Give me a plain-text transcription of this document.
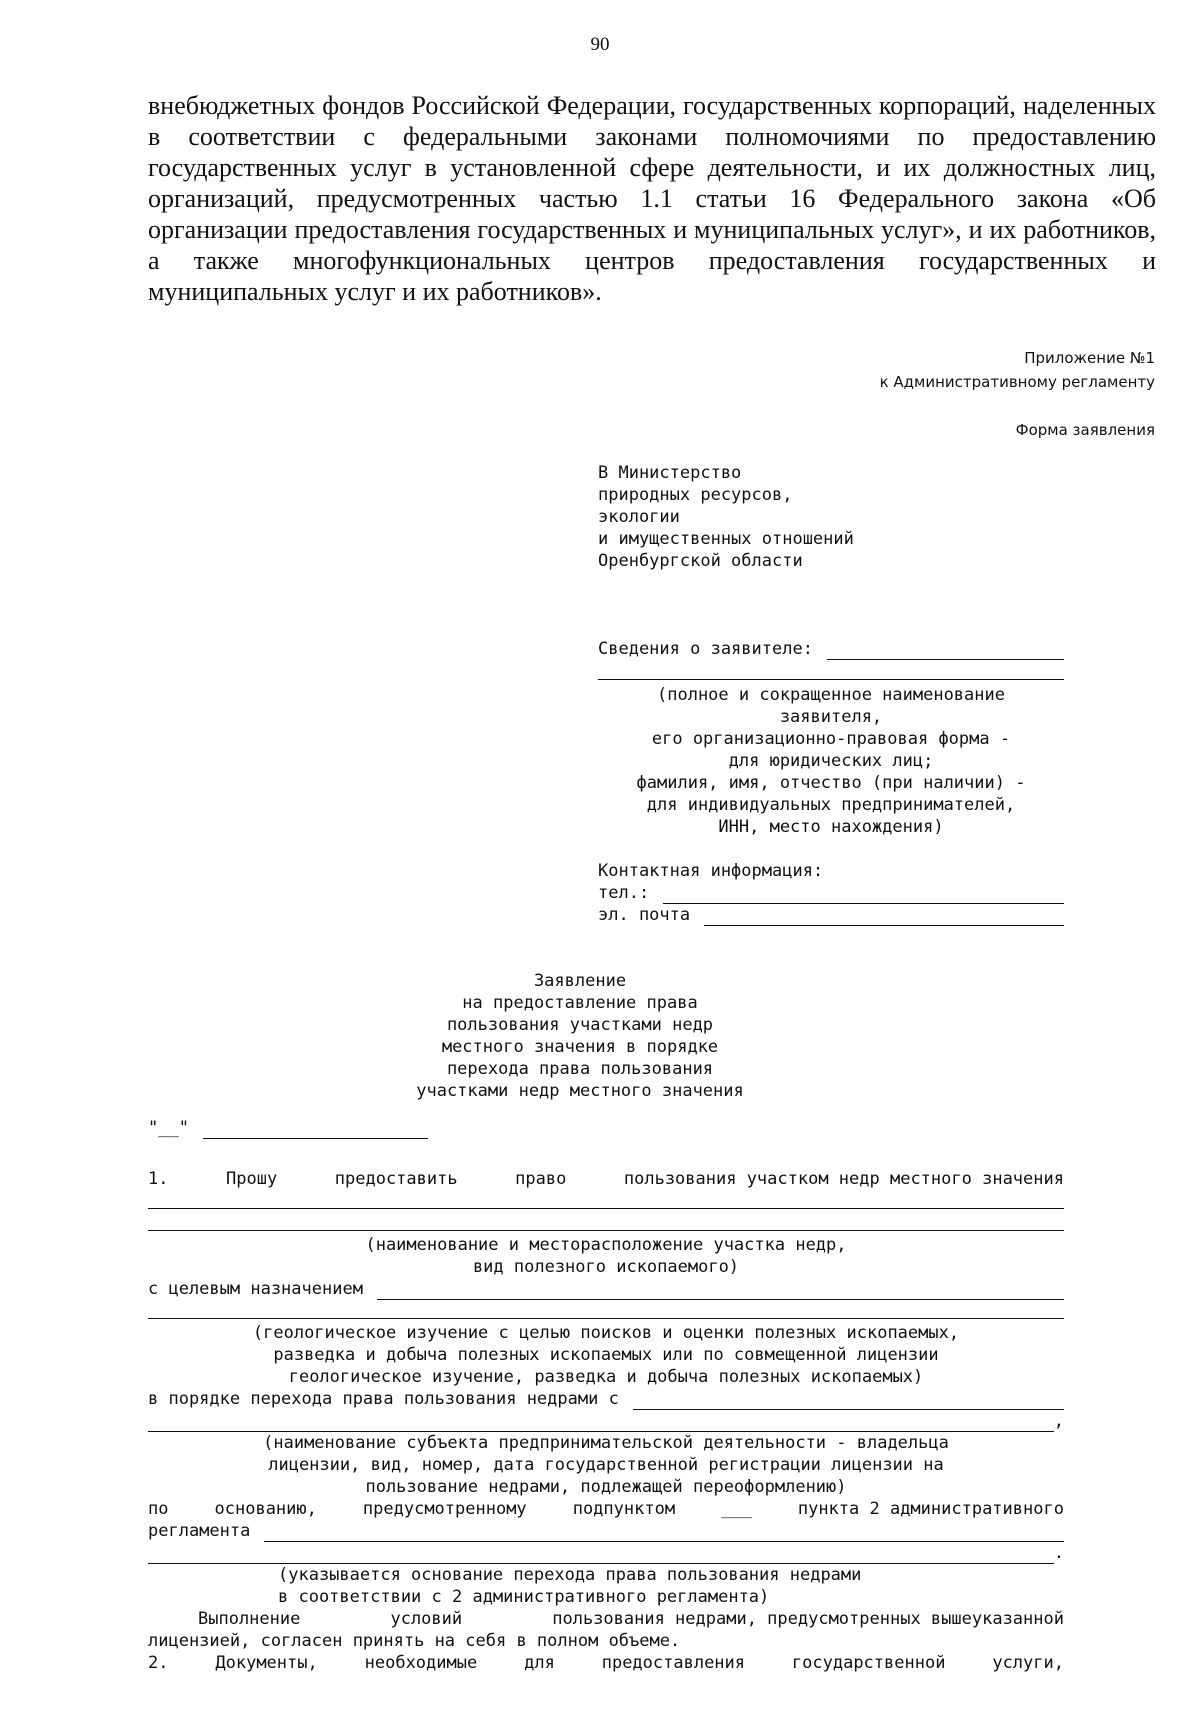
90

внебюджетных фондов Российской Федерации, государственных корпораций, наделенных в соответствии с федеральными законами полномочиями по предоставлению государственных услуг в установленной сфере деятельности, и их должностных лиц, организаций, предусмотренных частью 1.1 статьи 16 Федерального закона «Об организации предоставления государственных и муниципальных услуг», и их работников, а также многофункциональных центров предоставления государственных и муниципальных услуг и их работников».

Приложение №1
к Административному регламенту
Форма заявления
В Министерство
природных ресурсов,
экологии
и имущественных отношений
Оренбургской области
Сведения о заявителе:
(полное и сокращенное наименование
заявителя,
его организационно-правовая форма -
для юридических лиц;
фамилия, имя, отчество (при наличии) -
для индивидуальных предпринимателей,
ИНН, место нахождения)
Контактная информация:
тел.:
эл. почта
Заявление
на предоставление права
пользования участками недр
местного значения в порядке
перехода права пользования
участками недр местного значения
"__"
1.	Прошу	предоставить	право	пользования участком недр местного значения
(наименование и месторасположение участка недр,
вид полезного ископаемого)
с целевым назначением
(геологическое изучение с целью поисков и оценки полезных ископаемых,
разведка и добыча полезных ископаемых или по совмещенной лицензии
геологическое изучение, разведка и добыча полезных ископаемых)
в порядке перехода права пользования недрами с
,
(наименование субъекта предпринимательской деятельности - владельца
лицензии, вид, номер, дата государственной регистрации лицензии на
пользование недрами, подлежащей переоформлению)
по	основанию,	предусмотренному	подпунктом	___	пункта 2 административного
регламента
.
(указывается основание перехода права пользования недрами
в соответствии с 2 административного регламента)
Выполнение	условий	пользования недрами, предусмотренных вышеуказанной
лицензией, согласен принять на себя в полном объеме.
2.	Документы,	необходимые	для	предоставления	государственной	услуги,
